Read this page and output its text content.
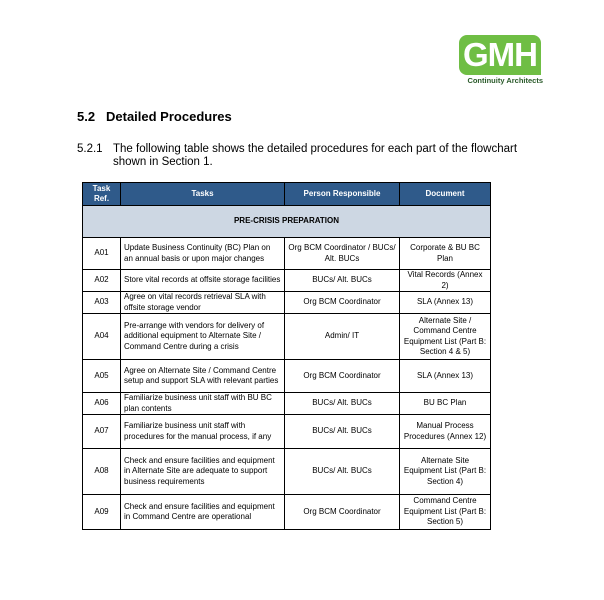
GMH
Continuity Architects
5.2 Detailed Procedures
5.2.1 The following table shows the detailed procedures for each part of the flowchart shown in Section 1.
Task Ref.	Tasks	Person Responsible	Document
PRE-CRISIS PREPARATION			
A01	Update Business Continuity (BC) Plan on an annual basis or upon major changes	Org BCM Coordinator / BUCs/ Alt. BUCs	Corporate & BU BC Plan
A02	Store vital records at offsite storage facilities	BUCs/ Alt. BUCs	Vital Records (Annex 2)
A03	Agree on vital records retrieval SLA with offsite storage vendor	Org BCM Coordinator	SLA (Annex 13)
A04	Pre-arrange with vendors for delivery of additional equipment to Alternate Site / Command Centre during a crisis	Admin/ IT	Alternate Site / Command Centre Equipment List (Part B: Section 4 & 5)
A05	Agree on Alternate Site / Command Centre setup and support SLA with relevant parties	Org BCM Coordinator	SLA (Annex 13)
A06	Familiarize business unit staff with BU BC plan contents	BUCs/ Alt. BUCs	BU BC Plan
A07	Familiarize business unit staff with procedures for the manual process, if any	BUCs/ Alt. BUCs	Manual Process Procedures (Annex 12)
A08	Check and ensure facilities and equipment in Alternate Site are adequate to support business requirements	BUCs/ Alt. BUCs	Alternate Site Equipment List (Part B: Section 4)
A09	Check and ensure facilities and equipment in Command Centre are operational	Org BCM Coordinator	Command Centre Equipment List (Part B: Section 5)
